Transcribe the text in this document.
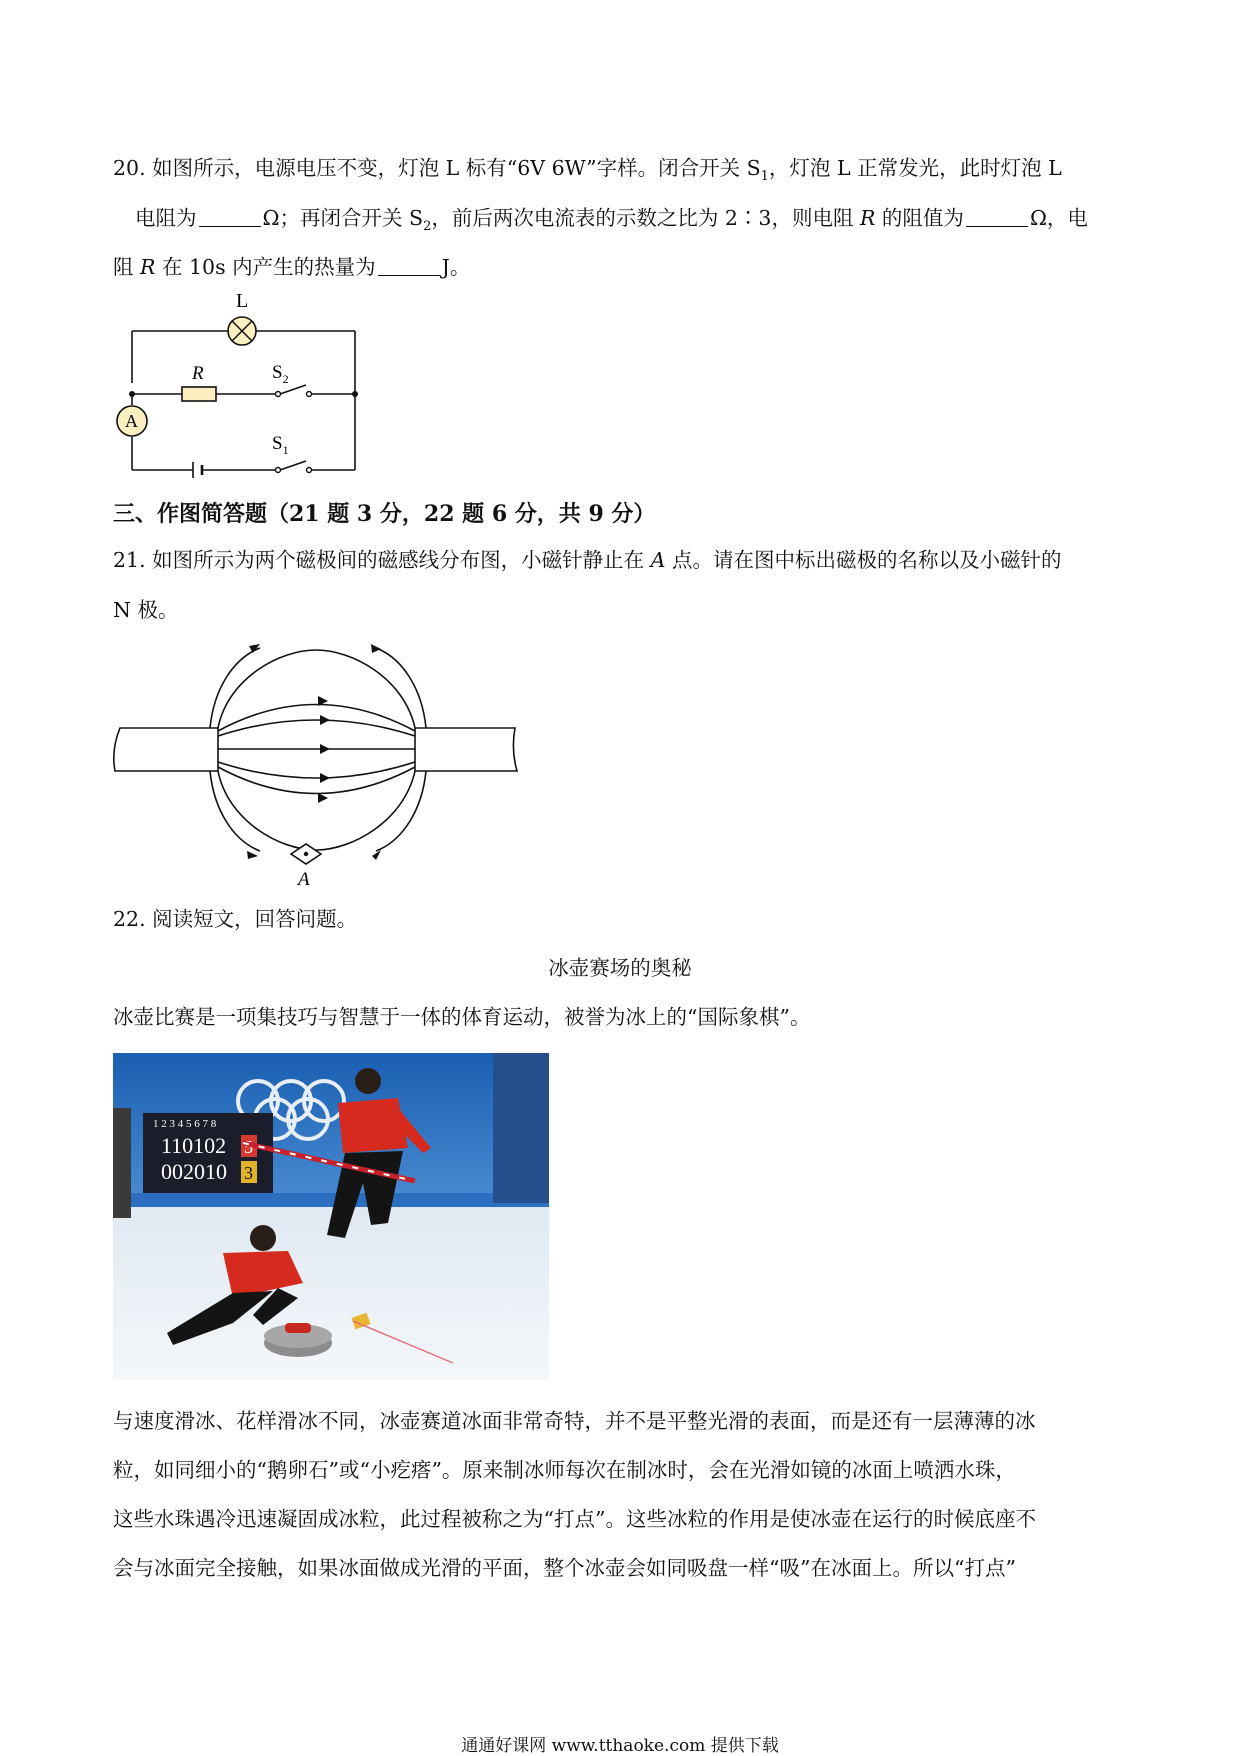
20. 如图所示，电源电压不变，灯泡 L 标有“6V 6W”字样。闭合开关 $S_1$，灯泡 L 正常发光，此时灯泡 L
电阻为	Ω；再闭合开关 $S_2$，前后两次电流表的示数之比为 2∶3，则电阻 R 的阻值为	Ω，电
阻 R 在 10s 内产生的热量为	J。
L
R	$S_2$
A
$S_1$
三、作图简答题（21 题 3 分，22 题 6 分，共 9 分）
21. 如图所示为两个磁极间的磁感线分布图，小磁针静止在 A 点。请在图中标出磁极的名称以及小磁针的
N 极。
A
22. 阅读短文，回答问题。
冰壶赛场的奥秘
冰壶比赛是一项集技巧与智慧于一体的体育运动，被誉为冰上的“国际象棋”。
1 2 3 4 5 6 7 8
110102
002010
5
3
与速度滑冰、花样滑冰不同，冰壶赛道冰面非常奇特，并不是平整光滑的表面，而是还有一层薄薄的冰
粒，如同细小的“鹅卵石”或“小疙瘩”。原来制冰师每次在制冰时，会在光滑如镜的冰面上喷洒水珠，
这些水珠遇冷迅速凝固成冰粒，此过程被称之为“打点”。这些冰粒的作用是使冰壶在运行的时候底座不
会与冰面完全接触，如果冰面做成光滑的平面，整个冰壶会如同吸盘一样“吸”在冰面上。所以“打点”
通通好课网 www.tthaoke.com 提供下载
